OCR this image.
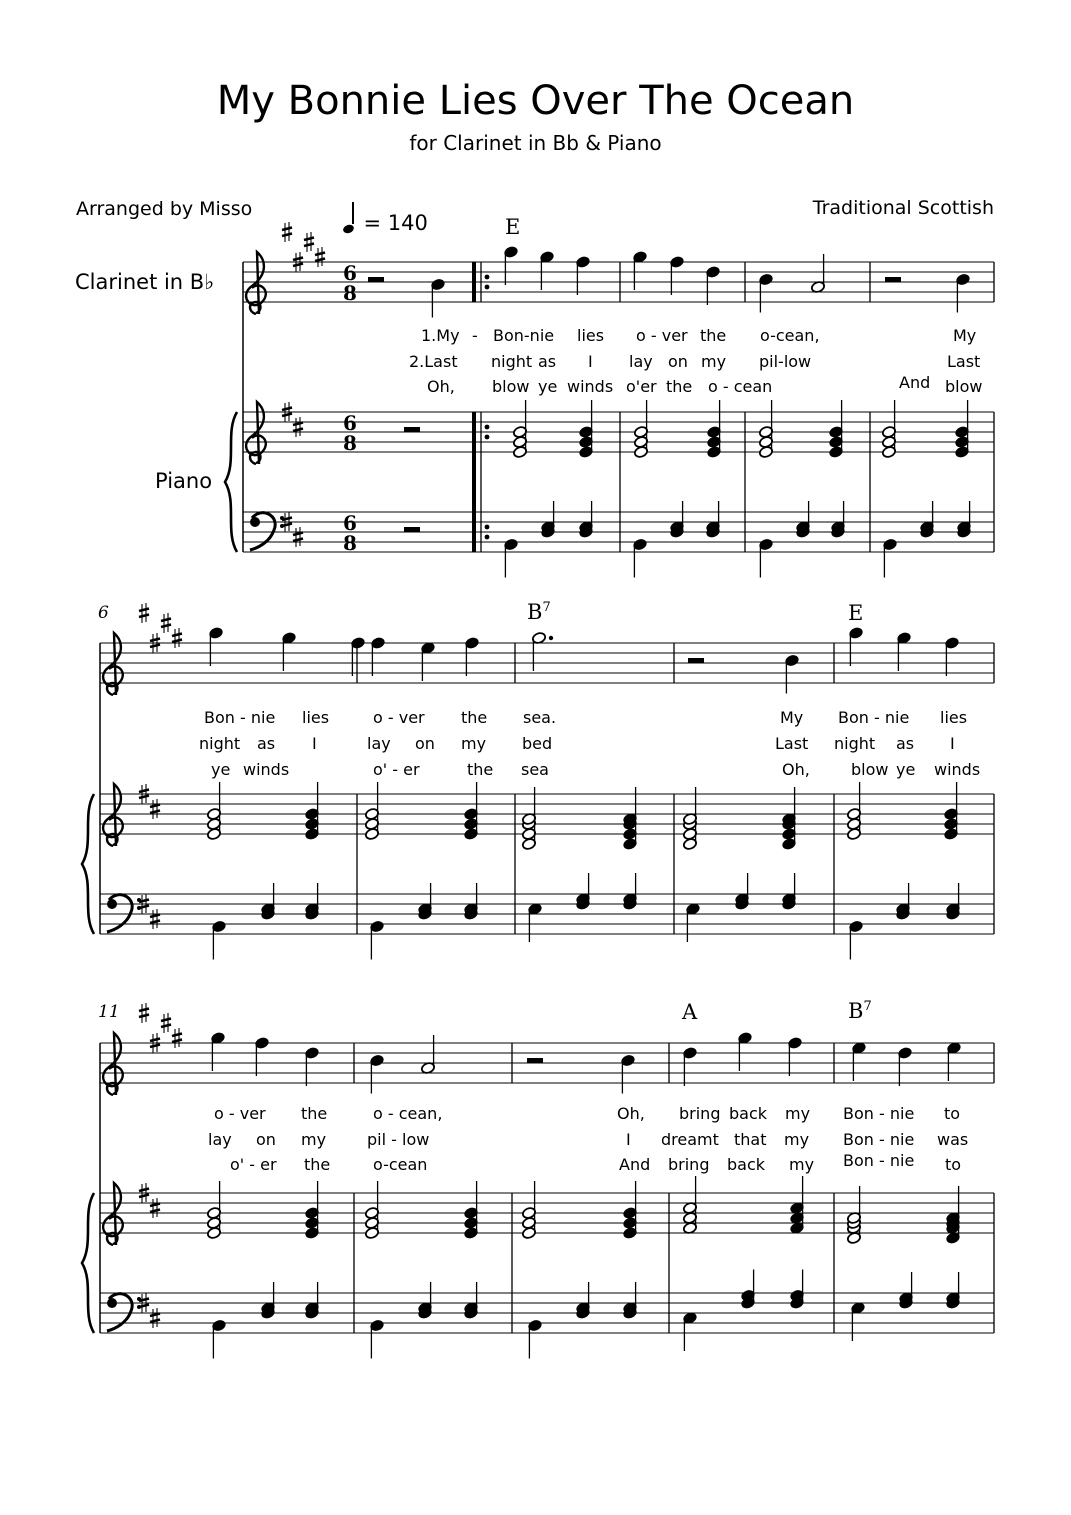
My Bonnie Lies Over The Ocean
for Clarinet in Bb & Piano
Arranged by Misso	Traditional Scottish
= 140
Clarinet in B♭
Piano
E
$B^7$	E
A	$B^7$
6
11
1.My - Bon-nie lies o - ver the o-cean,	My
2.Last night as I lay on my pil-low	Last
Oh, blow ye winds o'er the o - cean	And blow
Bon - nie lies	o - ver the sea.	My Bon - nie lies
night as I	lay on my bed	Last night as I
ye winds	o' - er	the sea	Oh,	blow ye winds
o - ver the	o - cean,	Oh, bring back my Bon - nie to
lay on my	pil - low	I dreamt that my Bon - nie was
o' - er the	o-cean	And bring back my Bon - nie to
6
8
6
8
6
8
